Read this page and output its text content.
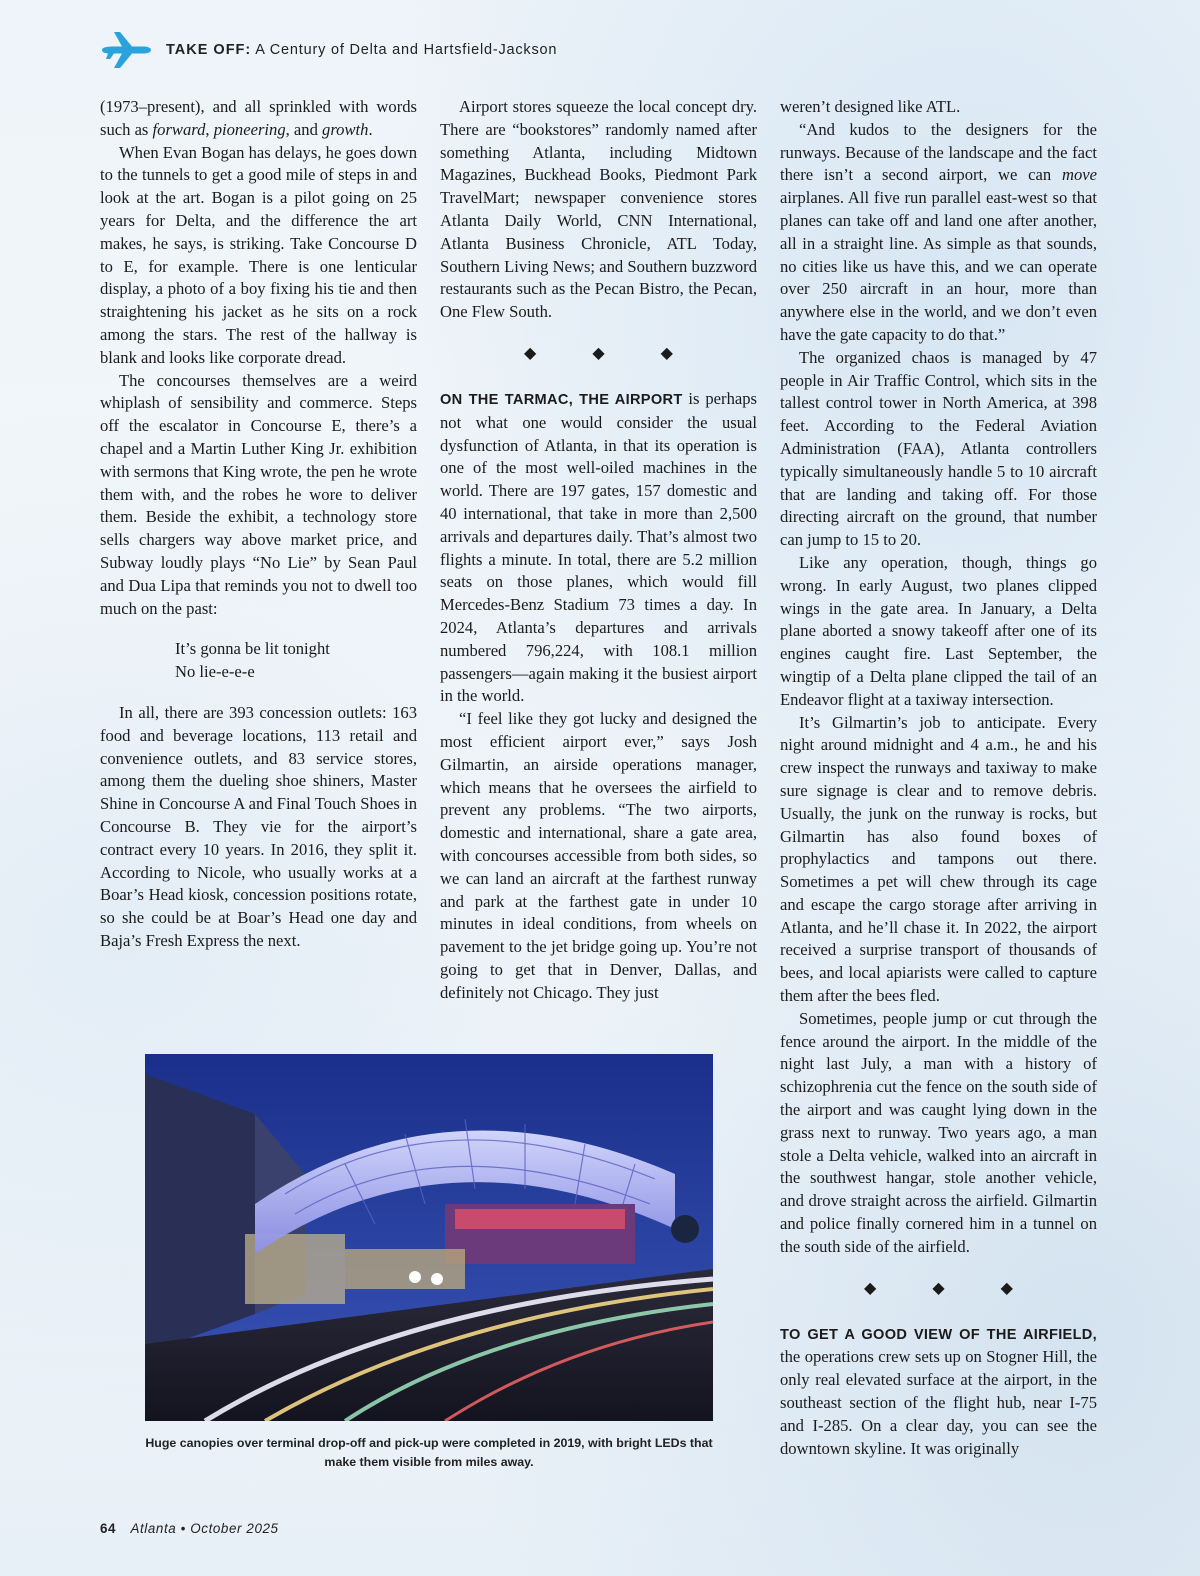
TAKE OFF: A Century of Delta and Hartsfield-Jackson

(1973–present), and all sprinkled with words such as forward, pioneering, and growth.

When Evan Bogan has delays, he goes down to the tunnels to get a good mile of steps in and look at the art. Bogan is a pilot going on 25 years for Delta, and the difference the art makes, he says, is striking. Take Concourse D to E, for example. There is one lenticular display, a photo of a boy fixing his tie and then straightening his jacket as he sits on a rock among the stars. The rest of the hallway is blank and looks like corporate dread.

The concourses themselves are a weird whiplash of sensibility and commerce. Steps off the escalator in Concourse E, there’s a chapel and a Martin Luther King Jr. exhibition with sermons that King wrote, the pen he wrote them with, and the robes he wore to deliver them. Beside the exhibit, a technology store sells chargers way above market price, and Subway loudly plays “No Lie” by Sean Paul and Dua Lipa that reminds you not to dwell too much on the past:

It’s gonna be lit tonight
No lie-e-e-e

In all, there are 393 concession outlets: 163 food and beverage locations, 113 retail and convenience outlets, and 83 service stores, among them the dueling shoe shiners, Master Shine in Concourse A and Final Touch Shoes in Concourse B. They vie for the airport’s contract every 10 years. In 2016, they split it. According to Nicole, who usually works at a Boar’s Head kiosk, concession positions rotate, so she could be at Boar’s Head one day and Baja’s Fresh Express the next.

Airport stores squeeze the local concept dry. There are “bookstores” randomly named after something Atlanta, including Midtown Magazines, Buckhead Books, Piedmont Park TravelMart; newspaper convenience stores Atlanta Daily World, CNN International, Atlanta Business Chronicle, ATL Today, Southern Living News; and Southern buzzword restaurants such as the Pecan Bistro, the Pecan, One Flew South.

◆ ◆ ◆

ON THE TARMAC, THE AIRPORT is perhaps not what one would consider the usual dysfunction of Atlanta, in that its operation is one of the most well-oiled machines in the world. There are 197 gates, 157 domestic and 40 international, that take in more than 2,500 arrivals and departures daily. That’s almost two flights a minute. In total, there are 5.2 million seats on those planes, which would fill Mercedes-Benz Stadium 73 times a day. In 2024, Atlanta’s departures and arrivals numbered 796,224, with 108.1 million passengers—again making it the busiest airport in the world.

“I feel like they got lucky and designed the most efficient airport ever,” says Josh Gilmartin, an airside operations manager, which means that he oversees the airfield to prevent any problems. “The two airports, domestic and international, share a gate area, with concourses accessible from both sides, so we can land an aircraft at the farthest runway and park at the farthest gate in under 10 minutes in ideal conditions, from wheels on pavement to the jet bridge going up. You’re not going to get that in Denver, Dallas, and definitely not Chicago. They just

weren’t designed like ATL.

“And kudos to the designers for the runways. Because of the landscape and the fact there isn’t a second airport, we can move airplanes. All five run parallel east-west so that planes can take off and land one after another, all in a straight line. As simple as that sounds, no cities like us have this, and we can operate over 250 aircraft in an hour, more than anywhere else in the world, and we don’t even have the gate capacity to do that.”

The organized chaos is managed by 47 people in Air Traffic Control, which sits in the tallest control tower in North America, at 398 feet. According to the Federal Aviation Administration (FAA), Atlanta controllers typically simultaneously handle 5 to 10 aircraft that are landing and taking off. For those directing aircraft on the ground, that number can jump to 15 to 20.

Like any operation, though, things go wrong. In early August, two planes clipped wings in the gate area. In January, a Delta plane aborted a snowy takeoff after one of its engines caught fire. Last September, the wingtip of a Delta plane clipped the tail of an Endeavor flight at a taxiway intersection.

It’s Gilmartin’s job to anticipate. Every night around midnight and 4 a.m., he and his crew inspect the runways and taxiway to make sure signage is clear and to remove debris. Usually, the junk on the runway is rocks, but Gilmartin has also found boxes of prophylactics and tampons out there. Sometimes a pet will chew through its cage and escape the cargo storage after arriving in Atlanta, and he’ll chase it. In 2022, the airport received a surprise transport of thousands of bees, and local apiarists were called to capture them after the bees fled.

Sometimes, people jump or cut through the fence around the airport. In the middle of the night last July, a man with a history of schizophrenia cut the fence on the south side of the airport and was caught lying down in the grass next to runway. Two years ago, a man stole a Delta vehicle, walked into an aircraft in the southwest hangar, stole another vehicle, and drove straight across the airfield. Gilmartin and police finally cornered him in a tunnel on the south side of the airfield.

◆ ◆ ◆

TO GET A GOOD VIEW OF THE AIRFIELD, the operations crew sets up on Stogner Hill, the only real elevated surface at the airport, in the southeast section of the flight hub, near I-75 and I-285. On a clear day, you can see the downtown skyline. It was originally

Huge canopies over terminal drop-off and pick-up were completed in 2019, with bright LEDs that make them visible from miles away.
64 Atlanta • October 2025
